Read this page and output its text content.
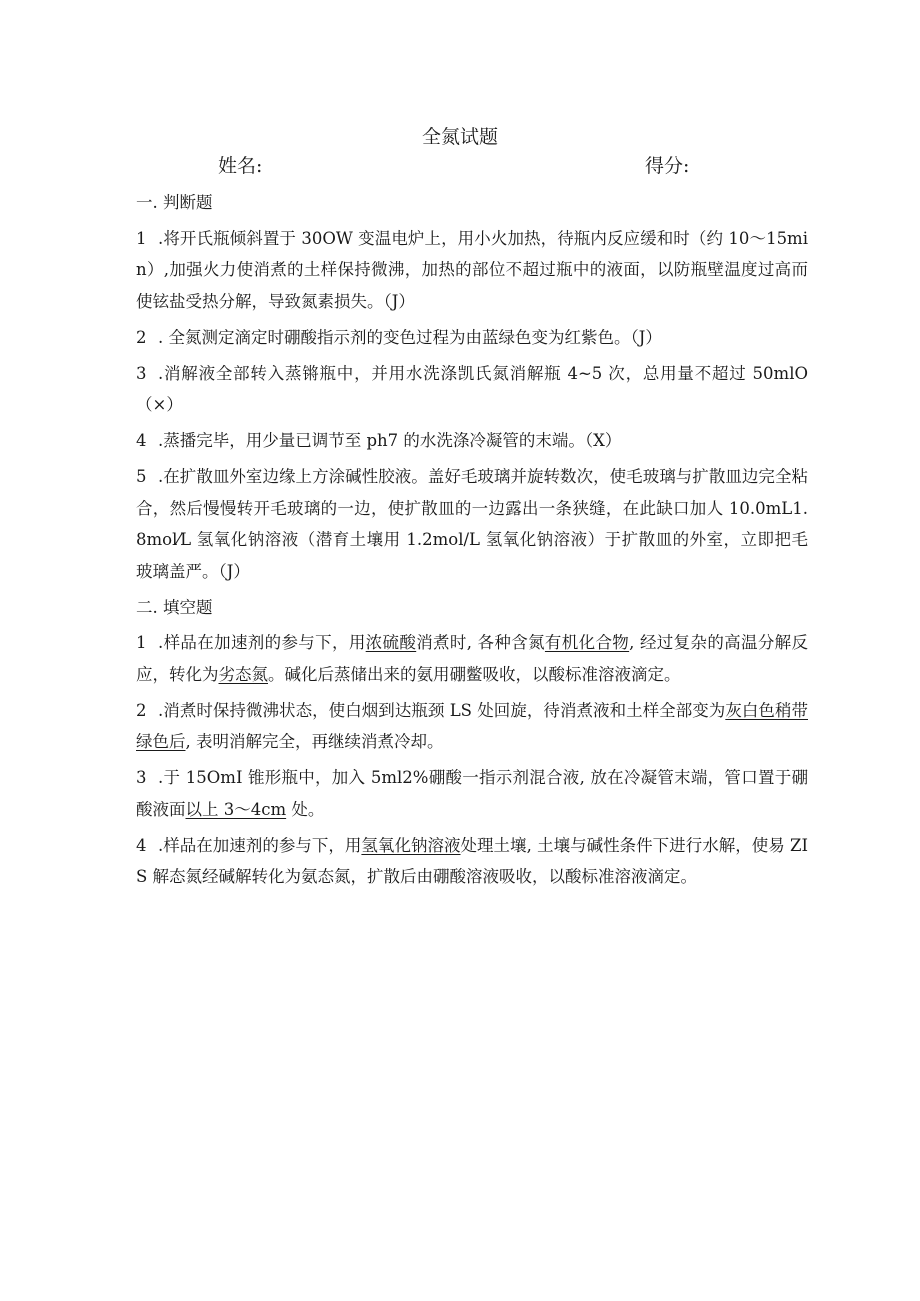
全氮试题
姓名:	得分:

一. 判断题

1 .将开氏瓶倾斜置于 30OW 变温电炉上，用小火加热，待瓶内反应缓和时（约 10～15min）,加强火力使消煮的土样保持微沸，加热的部位不超过瓶中的液面，以防瓶壁温度过高而使铉盐受热分解，导致氮素损失。（J）

2 . 全氮测定滴定时硼酸指示剂的变色过程为由蓝绿色变为红紫色。（J）

3 .消解液全部转入蒸锵瓶中，并用水洗涤凯氏氮消解瓶 4~5 次，总用量不超过 50mlO（×）

4 .蒸播完毕，用少量已调节至 ph7 的水洗涤冷凝管的末端。（X）

5 .在扩散皿外室边缘上方涂碱性胶液。盖好毛玻璃并旋转数次，使毛玻璃与扩散皿边完全粘合，然后慢慢转开毛玻璃的一边，使扩散皿的一边露出一条狭缝，在此缺口加人 10.0mL1.8mol⁄L 氢氧化钠溶液（潜育土壤用 1.2mol/L 氢氧化钠溶液）于扩散皿的外室，立即把毛玻璃盖严。（J）

二. 填空题

1 .样品在加速剂的参与下，用浓硫酸消煮时, 各种含氮有机化合物, 经过复杂的高温分解反应，转化为劣态氮。碱化后蒸储出来的氨用硼鳖吸收，以酸标准溶液滴定。

2 .消煮时保持微沸状态，使白烟到达瓶颈 LS 处回旋，待消煮液和土样全部变为灰白色稍带绿色后, 表明消解完全，再继续消煮冷却。

3 .于 15OmI 锥形瓶中，加入 5ml2%硼酸一指示剂混合液, 放在冷凝管末端，管口置于硼酸液面以上 3～4cm 处。

4 .样品在加速剂的参与下，用氢氧化钠溶液处理土壤, 土壤与碱性条件下进行水解，使易 ZIS 解态氮经碱解转化为氨态氮，扩散后由硼酸溶液吸收，以酸标准溶液滴定。
